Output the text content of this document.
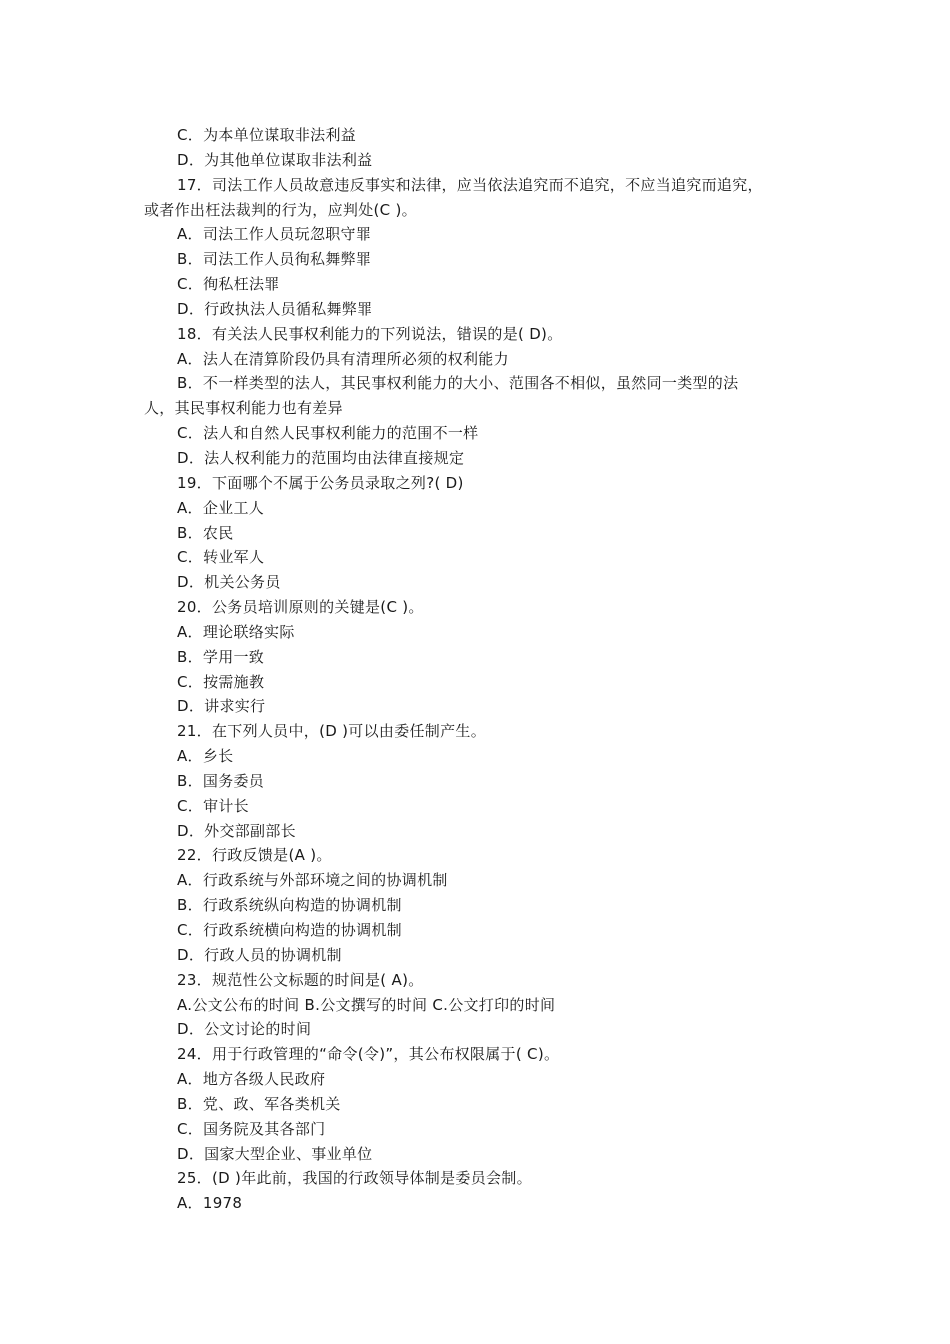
C．为本单位谋取非法利益
D．为其他单位谋取非法利益
17．司法工作人员故意违反事实和法律，应当依法追究而不追究，不应当追究而追究，
或者作出枉法裁判的行为，应判处(C )。
A．司法工作人员玩忽职守罪
B．司法工作人员徇私舞弊罪
C．徇私枉法罪
D．行政执法人员循私舞弊罪
18．有关法人民事权利能力的下列说法，错误的是( D)。
A．法人在清算阶段仍具有清理所必须的权利能力
B．不一样类型的法人，其民事权利能力的大小、范围各不相似，虽然同一类型的法
人，其民事权利能力也有差异
C．法人和自然人民事权利能力的范围不一样
D．法人权利能力的范围均由法律直接规定
19．下面哪个不属于公务员录取之列?( D)
A．企业工人
B．农民
C．转业军人
D．机关公务员
20．公务员培训原则的关键是(C )。
A．理论联络实际
B．学用一致
C．按需施教
D．讲求实行
21．在下列人员中，(D )可以由委任制产生。
A．乡长
B．国务委员
C．审计长
D．外交部副部长
22．行政反馈是(A )。
A．行政系统与外部环境之间的协调机制
B．行政系统纵向构造的协调机制
C．行政系统横向构造的协调机制
D．行政人员的协调机制
23．规范性公文标题的时间是( A)。
A.公文公布的时间 B.公文撰写的时间 C.公文打印的时间
D．公文讨论的时间
24．用于行政管理的“命令(令)”，其公布权限属于( C)。
A．地方各级人民政府
B．党、政、军各类机关
C．国务院及其各部门
D．国家大型企业、事业单位
25．(D )年此前，我国的行政领导体制是委员会制。
A．1978
